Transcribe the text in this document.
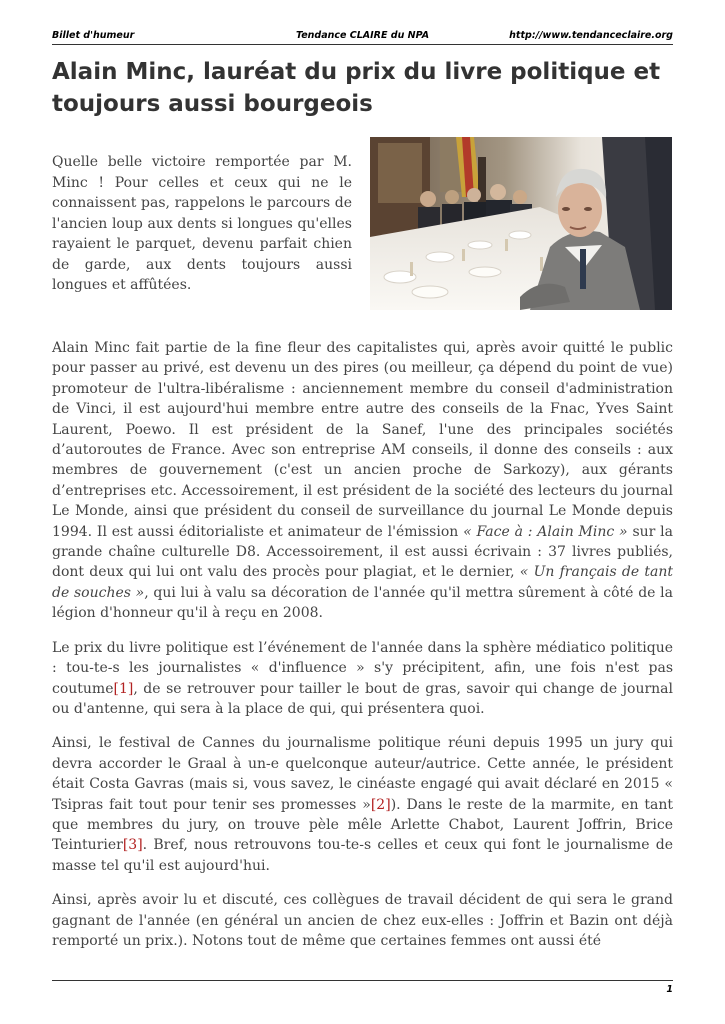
Billet d'humeur	Tendance CLAIRE du NPA	http://www.tendanceclaire.org
Alain Minc, lauréat du prix du livre politique et toujours aussi bourgeois

Quelle belle victoire remportée par M. Minc ! Pour celles et ceux qui ne le connaissent pas, rappelons le parcours de l'ancien loup aux dents si longues qu'elles rayaient le parquet, devenu parfait chien de garde, aux dents toujours aussi longues et affûtées.

Alain Minc fait partie de la fine fleur des capitalistes qui, après avoir quitté le public pour passer au privé, est devenu un des pires (ou meilleur, ça dépend du point de vue) promoteur de l'ultra-libéralisme : anciennement membre du conseil d'administration de Vinci, il est aujourd'hui membre entre autre des conseils de la Fnac, Yves Saint Laurent, Poewo. Il est président de la Sanef, l'une des principales sociétés d’autoroutes de France. Avec son entreprise AM conseils, il donne des conseils : aux membres de gouvernement (c'est un ancien proche de Sarkozy), aux gérants d’entreprises etc. Accessoirement, il est président de la société des lecteurs du journal Le Monde, ainsi que président du conseil de surveillance du journal Le Monde depuis 1994. Il est aussi éditorialiste et animateur de l'émission « Face à : Alain Minc » sur la grande chaîne culturelle D8. Accessoirement, il est aussi écrivain : 37 livres publiés, dont deux qui lui ont valu des procès pour plagiat, et le dernier, « Un français de tant de souches », qui lui à valu sa décoration de l'année qu'il mettra sûrement à côté de la légion d'honneur qu'il à reçu en 2008.

Le prix du livre politique est l’événement de l'année dans la sphère médiatico politique : tou-te-s les journalistes « d'influence » s'y précipitent, afin, une fois n'est pas coutume[1], de se retrouver pour tailler le bout de gras, savoir qui change de journal ou d'antenne, qui sera à la place de qui, qui présentera quoi.

Ainsi, le festival de Cannes du journalisme politique réuni depuis 1995 un jury qui devra accorder le Graal à un-e quelconque auteur/autrice. Cette année, le président était Costa Gavras (mais si, vous savez, le cinéaste engagé qui avait déclaré en 2015 « Tsipras fait tout pour tenir ses promesses »[2]). Dans le reste de la marmite, en tant que membres du jury, on trouve pèle mêle Arlette Chabot, Laurent Joffrin, Brice Teinturier[3]. Bref, nous retrouvons tou-te-s celles et ceux qui font le journalisme de masse tel qu'il est aujourd'hui.

Ainsi, après avoir lu et discuté, ces collègues de travail décident de qui sera le grand gagnant de l'année (en général un ancien de chez eux-elles : Joffrin et Bazin ont déjà remporté un prix.). Notons tout de même que certaines femmes ont aussi été

1
